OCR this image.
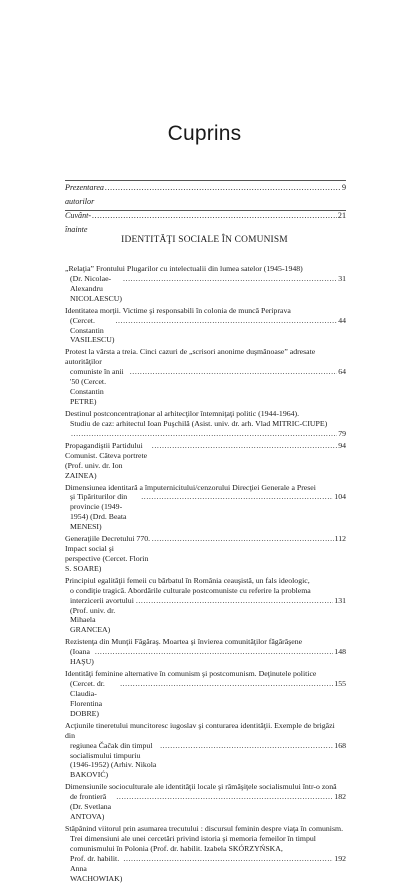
Cuprins
Prezentarea autorilor
.....
9
Cuvânt-înainte
.....
21
IDENTITĂŢI SOCIALE ÎN COMUNISM
„Relaţia” Frontului Plugarilor cu intelectualii din lumea satelor (1945-1948)
(Dr. Nicolae-Alexandru NICOLAESCU)
.....
31
Identitatea morţii. Victime şi responsabili în colonia de muncă Periprava
(Cercet. Constantin VASILESCU)
.....
44
Protest la vârsta a treia. Cinci cazuri de „scrisori anonime duşmănoase” adresate autorităţilor
comuniste în anii '50 (Cercet. Constantin PETRE)
.....
64
Destinul postconcentraţionar al arhitecţilor întemniţaţi politic (1944-1964).
Studiu de caz: arhitectul Ioan Puşchilă (Asist. univ. dr. arh. Vlad MITRIC-CIUPE)
.....
79
Propagandiştii Partidului Comunist. Câteva portrete (Prof. univ. dr. Ion ZAINEA)
.....
94
Dimensiunea identitară a împuternicitului/cenzorului Direcţiei Generale a Presei
şi Tipăriturilor din provincie (1949-1954) (Drd. Beata MENESI)
.....
104
Generaţiile Decretului 770. Impact social şi perspective (Cercet. Florin S. SOARE)
.....
112
Principiul egalităţii femeii cu bărbatul în România ceauşistă, un fals ideologic,
o condiţie tragică. Abordările culturale postcomuniste cu referire la problema
interzicerii avortului (Prof. univ. dr. Mihaela GRANCEA)
.....
131
Rezistenţa din Munţii Făgăraş. Moartea şi învierea comunităţilor făgărăşene
(Ioana HAŞU)
.....
148
Identităţi feminine alternative în comunism şi postcomunism. Deţinutele politice
(Cercet. dr. Claudia-Florentina DOBRE)
.....
155
Acţiunile tineretului muncitoresc iugoslav şi conturarea identităţii. Exemple de brigăzi din
regiunea Čačak din timpul socialismului timpuriu (1946-1952) (Arhiv. Nikola BAKOVIĆ)
.....
168
Dimensiunile socioculturale ale identităţii locale şi rămăşiţele socialismului într-o zonă
de frontieră (Dr. Svetlana ANTOVA)
.....
182
Stăpânind viitorul prin asumarea trecutului : discursul feminin despre viaţa în comunism.
Trei dimensiuni ale unei cercetări privind istoria şi memoria femeilor în timpul
comunismului în Polonia (Prof. dr. habilit. Izabela SKÓRZYŃSKA,
Prof. dr. habilit. Anna WACHOWIAK)
.....
192
